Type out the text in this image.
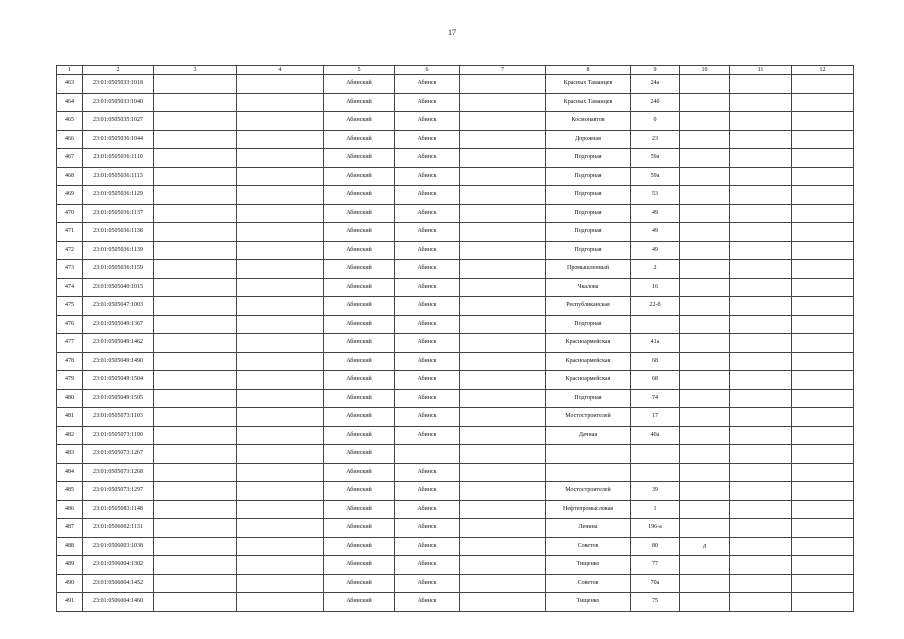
17
1	2	3	4	5	6	7	8	9	10	11	12
463	23:01:0505033:1018			Абинский	Абинск		Красных Таманцев	24а			
464	23:01:0505033:1040			Абинский	Абинск		Красных Таманцев	24б			
465	23:01:0505035:1027			Абинский	Абинск		Космонавтов	0			
466	23:01:0505036:1044			Абинский	Абинск		Дорожная	23			
467	23:01:0505036:1110			Абинский	Абинск		Подгорная	59а			
468	23:01:0505036:1113			Абинский	Абинск		Подгорная	59а			
469	23:01:0505036:1129			Абинский	Абинск		Подгорная	53			
470	23:01:0505036:1137			Абинский	Абинск		Подгорная	49			
471	23:01:0505036:1138			Абинский	Абинск		Подгорная	49			
472	23:01:0505036:1139			Абинский	Абинск		Подгорная	49			
473	23:01:0505036:1159			Абинский	Абинск		Промышленный	2			
474	23:01:0505040:1015			Абинский	Абинск		Чкалова	16			
475	23:01:0505047:1003			Абинский	Абинск		Республиканская	22-б			
476	23:01:0505049:1367			Абинский	Абинск		Подгорная				
477	23:01:0505049:1462			Абинский	Абинск		Красноармейская	41а			
478	23:01:0505049:1490			Абинский	Абинск		Красноармейская	68			
479	23:01:0505049:1504			Абинский	Абинск		Красноармейская	68			
480	23:01:0505049:1505			Абинский	Абинск		Подгорная	74			
481	23:01:0505073:1103			Абинский	Абинск		Мостостроителей	17			
482	23:01:0505073:1190			Абинский	Абинск		Дачная	40а			
483	23:01:0505073:1267			Абинский							
484	23:01:0505073:1268			Абинский	Абинск						
485	23:01:0505073:1297			Абинский	Абинск		Мостостроителей	39			
486	23:01:0505083:1148			Абинский	Абинск		Нефтепромысловая	1			
487	23:01:0506002:1131			Абинский	Абинск		Ленина	196-а			
488	23:01:0506003:1038			Абинский	Абинск		Советов	80	д		
489	23:01:0506004:1302			Абинский	Абинск		Тищенко	77			
490	23:01:0506004:1452			Абинский	Абинск		Советов	70а			
491	23:01:0506004:1460			Абинский	Абинск		Тищенко	75			
